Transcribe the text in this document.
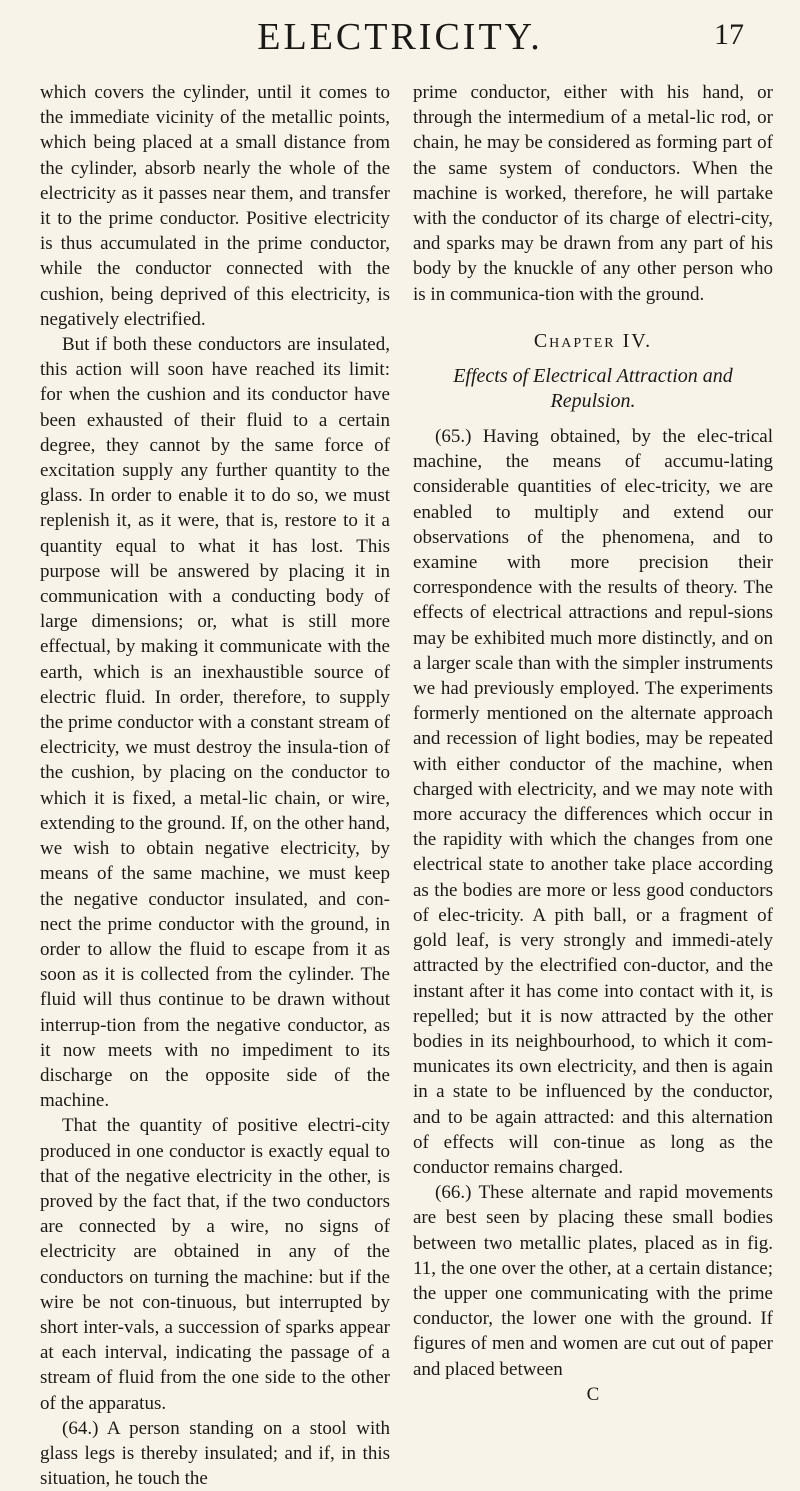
ELECTRICITY.	17

which covers the cylinder, until it comes to the immediate vicinity of the metallic points, which being placed at a small distance from the cylinder, absorb nearly the whole of the electricity as it passes near them, and transfer it to the prime conductor. Positive electricity is thus accumulated in the prime conductor, while the conductor connected with the cushion, being deprived of this electricity, is negatively electrified.

But if both these conductors are insulated, this action will soon have reached its limit: for when the cushion and its conductor have been exhausted of their fluid to a certain degree, they cannot by the same force of excitation supply any further quantity to the glass. In order to enable it to do so, we must replenish it, as it were, that is, restore to it a quantity equal to what it has lost. This purpose will be answered by placing it in communication with a conducting body of large dimensions; or, what is still more effectual, by making it communicate with the earth, which is an inexhaustible source of electric fluid. In order, therefore, to supply the prime conductor with a constant stream of electricity, we must destroy the insula-tion of the cushion, by placing on the conductor to which it is fixed, a metal-lic chain, or wire, extending to the ground. If, on the other hand, we wish to obtain negative electricity, by means of the same machine, we must keep the negative conductor insulated, and con-nect the prime conductor with the ground, in order to allow the fluid to escape from it as soon as it is collected from the cylinder. The fluid will thus continue to be drawn without interrup-tion from the negative conductor, as it now meets with no impediment to its discharge on the opposite side of the machine.

That the quantity of positive electri-city produced in one conductor is exactly equal to that of the negative electricity in the other, is proved by the fact that, if the two conductors are connected by a wire, no signs of electricity are obtained in any of the conductors on turning the machine: but if the wire be not con-tinuous, but interrupted by short inter-vals, a succession of sparks appear at each interval, indicating the passage of a stream of fluid from the one side to the other of the apparatus.

(64.) A person standing on a stool with glass legs is thereby insulated; and if, in this situation, he touch the

prime conductor, either with his hand, or through the intermedium of a metal-lic rod, or chain, he may be considered as forming part of the same system of conductors. When the machine is worked, therefore, he will partake with the conductor of its charge of electri-city, and sparks may be drawn from any part of his body by the knuckle of any other person who is in communica-tion with the ground.

Chapter IV.
Effects of Electrical Attraction and Repulsion.

(65.) Having obtained, by the elec-trical machine, the means of accumu-lating considerable quantities of elec-tricity, we are enabled to multiply and extend our observations of the phenomena, and to examine with more precision their correspondence with the results of theory. The effects of electrical attractions and repul-sions may be exhibited much more distinctly, and on a larger scale than with the simpler instruments we had previously employed. The experiments formerly mentioned on the alternate approach and recession of light bodies, may be repeated with either conductor of the machine, when charged with electricity, and we may note with more accuracy the differences which occur in the rapidity with which the changes from one electrical state to another take place according as the bodies are more or less good conductors of elec-tricity. A pith ball, or a fragment of gold leaf, is very strongly and immedi-ately attracted by the electrified con-ductor, and the instant after it has come into contact with it, is repelled; but it is now attracted by the other bodies in its neighbourhood, to which it com-municates its own electricity, and then is again in a state to be influenced by the conductor, and to be again attracted: and this alternation of effects will con-tinue as long as the conductor remains charged.

(66.) These alternate and rapid movements are best seen by placing these small bodies between two metallic plates, placed as in fig. 11, the one over the other, at a certain distance; the upper one communicating with the prime conductor, the lower one with the ground. If figures of men and women are cut out of paper and placed between

C
